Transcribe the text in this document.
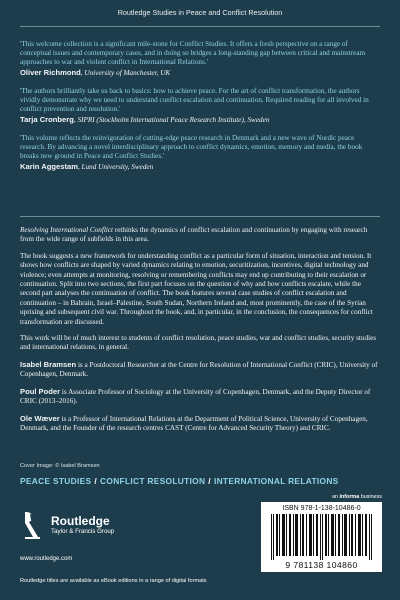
Routledge Studies in Peace and Conflict Resolution
'This welcome collection is a significant mile-stone for Conflict Studies. It offers a fresh perspective on a range of conceptual issues and contemporary cases, and in doing so bridges a long-standing gap between critical and mainstream approaches to war and violent conflict in International Relations.'
Oliver Richmond, University of Manchester, UK
'The authors brilliantly take us back to basics: how to achieve peace. For the art of conflict transformation, the authors vividly demonstrate why we need to understand conflict escalation and continuation. Required reading for all involved in conflict prevention and resolution.'
Tarja Cronberg, SIPRI (Stockholm International Peace Research Institute), Sweden
'This volume reflects the reinvigoration of cutting-edge peace research in Denmark and a new wave of Nordic peace research. By advancing a novel interdisciplinary approach to conflict dynamics, emotion, memory and media, the book breaks new ground in Peace and Conflict Studies.'
Karin Aggestam, Lund University, Sweden
Resolving International Conflict rethinks the dynamics of conflict escalation and continuation by engaging with research from the wide range of subfields in this area.
The book suggests a new framework for understanding conflict as a particular form of situation, interaction and tension. It shows how conflicts are shaped by varied dynamics relating to emotion, securitization, incentives, digital technology and violence; even attempts at monitoring, resolving or remembering conflicts may end up contributing to their escalation or continuation. Split into two sections, the first part focuses on the question of why and how conflicts escalate, while the second part analyses the continuation of conflict. The book features several case studies of conflict escalation and continuation – in Bahrain, Israel–Palestine, South Sudan, Northern Ireland and, most prominently, the case of the Syrian uprising and subsequent civil war. Throughout the book, and, in particular, in the conclusion, the consequences for conflict transformation are discussed.
This work will be of much interest to students of conflict resolution, peace studies, war and conflict studies, security studies and international relations, in general.
Isabel Bramsen is a Postdoctoral Researcher at the Centre for Resolution of International Conflict (CRIC), University of Copenhagen, Denmark.
Poul Poder is Associate Professor of Sociology at the University of Copenhagen, Denmark, and the Deputy Director of CRIC (2013–2016).
Ole Wæver is a Professor of International Relations at the Department of Political Science, University of Copenhagen, Denmark, and the Founder of the research centres CAST (Centre for Advanced Security Theory) and CRIC.
Cover Image: © Isabel Bramsen
PEACE STUDIES / CONFLICT RESOLUTION / INTERNATIONAL RELATIONS
Routledge
Taylor & Francis Group
www.routledge.com
Routledge titles are available as eBook editions in a range of digital formats
an informa business
ISBN 978-1-138-10486-0
9 781138 104860
